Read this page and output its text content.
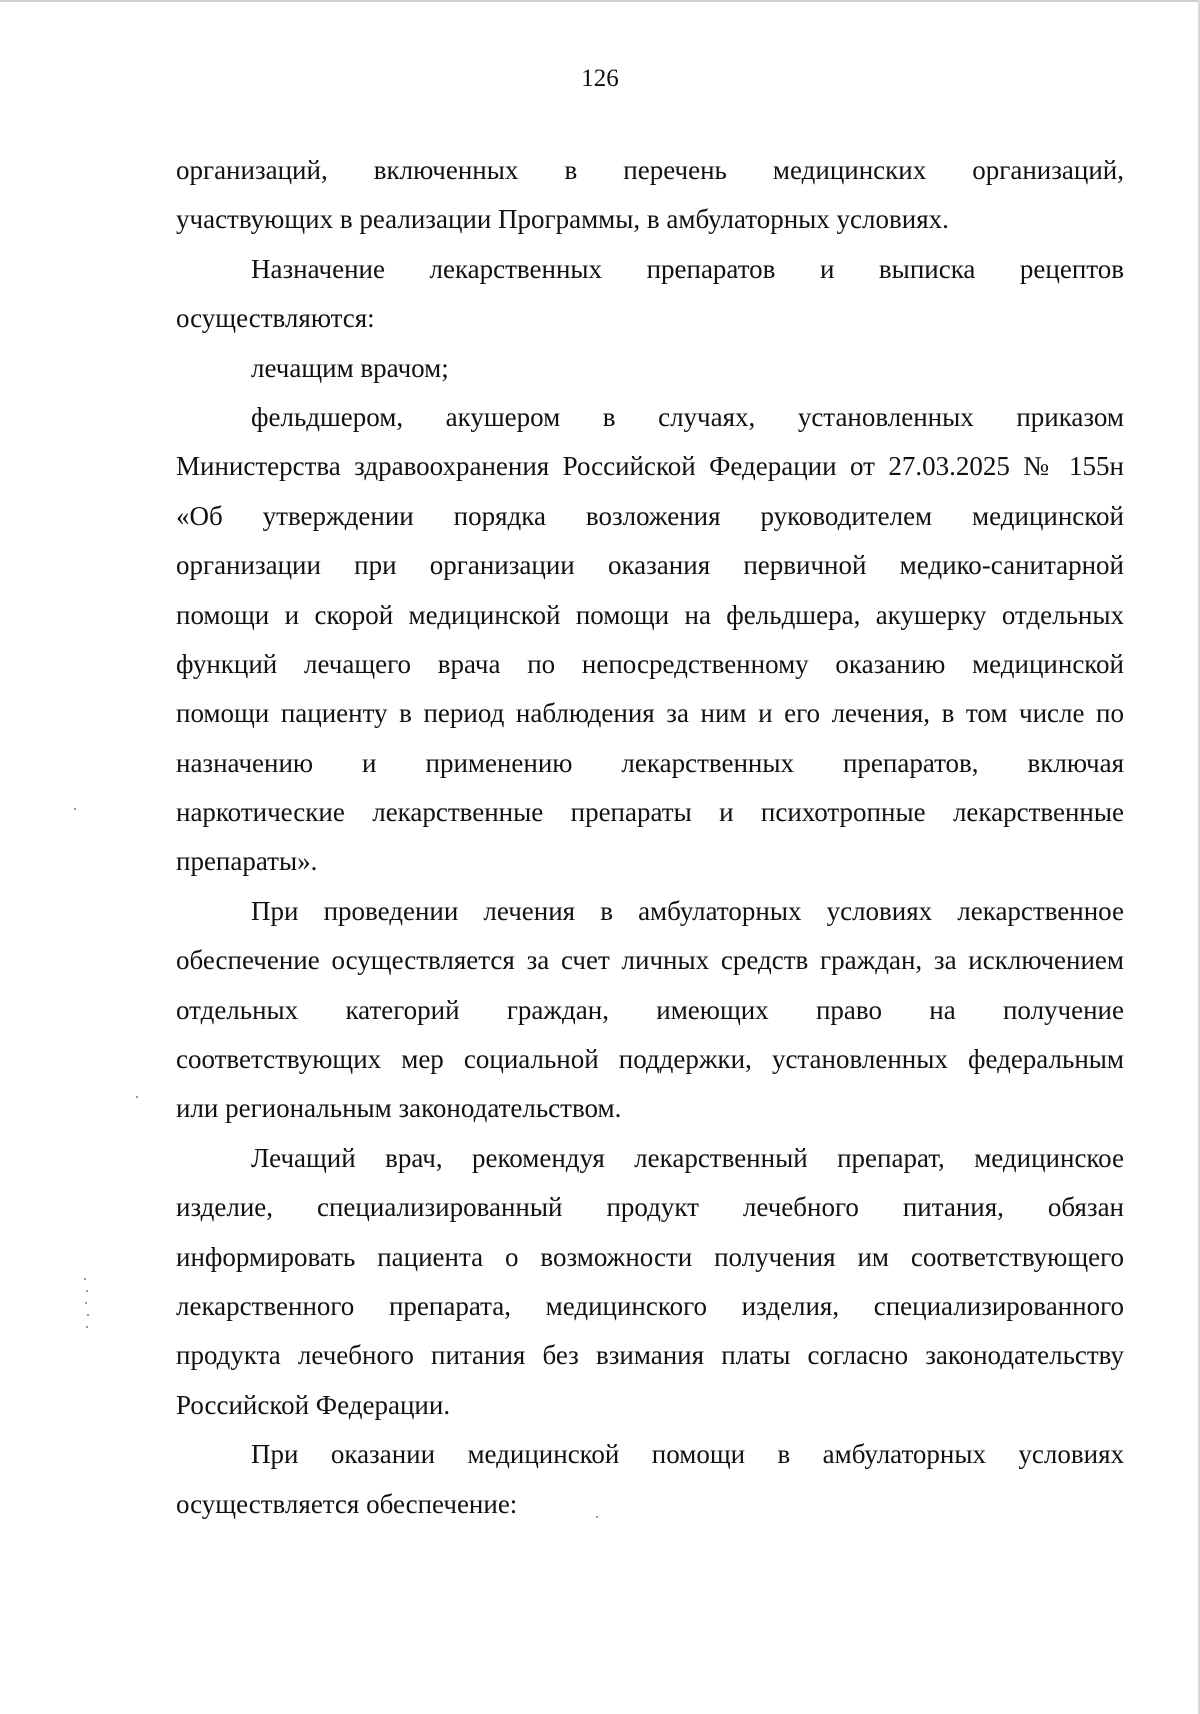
126
организаций, включенных в перечень медицинских организаций,
участвующих в реализации Программы, в амбулаторных условиях.
Назначение лекарственных препаратов и выписка рецептов
осуществляются:
лечащим врачом;
фельдшером, акушером в случаях, установленных приказом
Министерства здравоохранения Российской Федерации от 27.03.2025 № 155н
«Об утверждении порядка возложения руководителем медицинской
организации при организации оказания первичной медико-санитарной
помощи и скорой медицинской помощи на фельдшера, акушерку отдельных
функций лечащего врача по непосредственному оказанию медицинской
помощи пациенту в период наблюдения за ним и его лечения, в том числе по
назначению и применению лекарственных препаратов, включая
наркотические лекарственные препараты и психотропные лекарственные
препараты».
При проведении лечения в амбулаторных условиях лекарственное
обеспечение осуществляется за счет личных средств граждан, за исключением
отдельных категорий граждан, имеющих право на получение
соответствующих мер социальной поддержки, установленных федеральным
или региональным законодательством.
Лечащий врач, рекомендуя лекарственный препарат, медицинское
изделие, специализированный продукт лечебного питания, обязан
информировать пациента о возможности получения им соответствующего
лекарственного препарата, медицинского изделия, специализированного
продукта лечебного питания без взимания платы согласно законодательству
Российской Федерации.
При оказании медицинской помощи в амбулаторных условиях
осуществляется обеспечение:
